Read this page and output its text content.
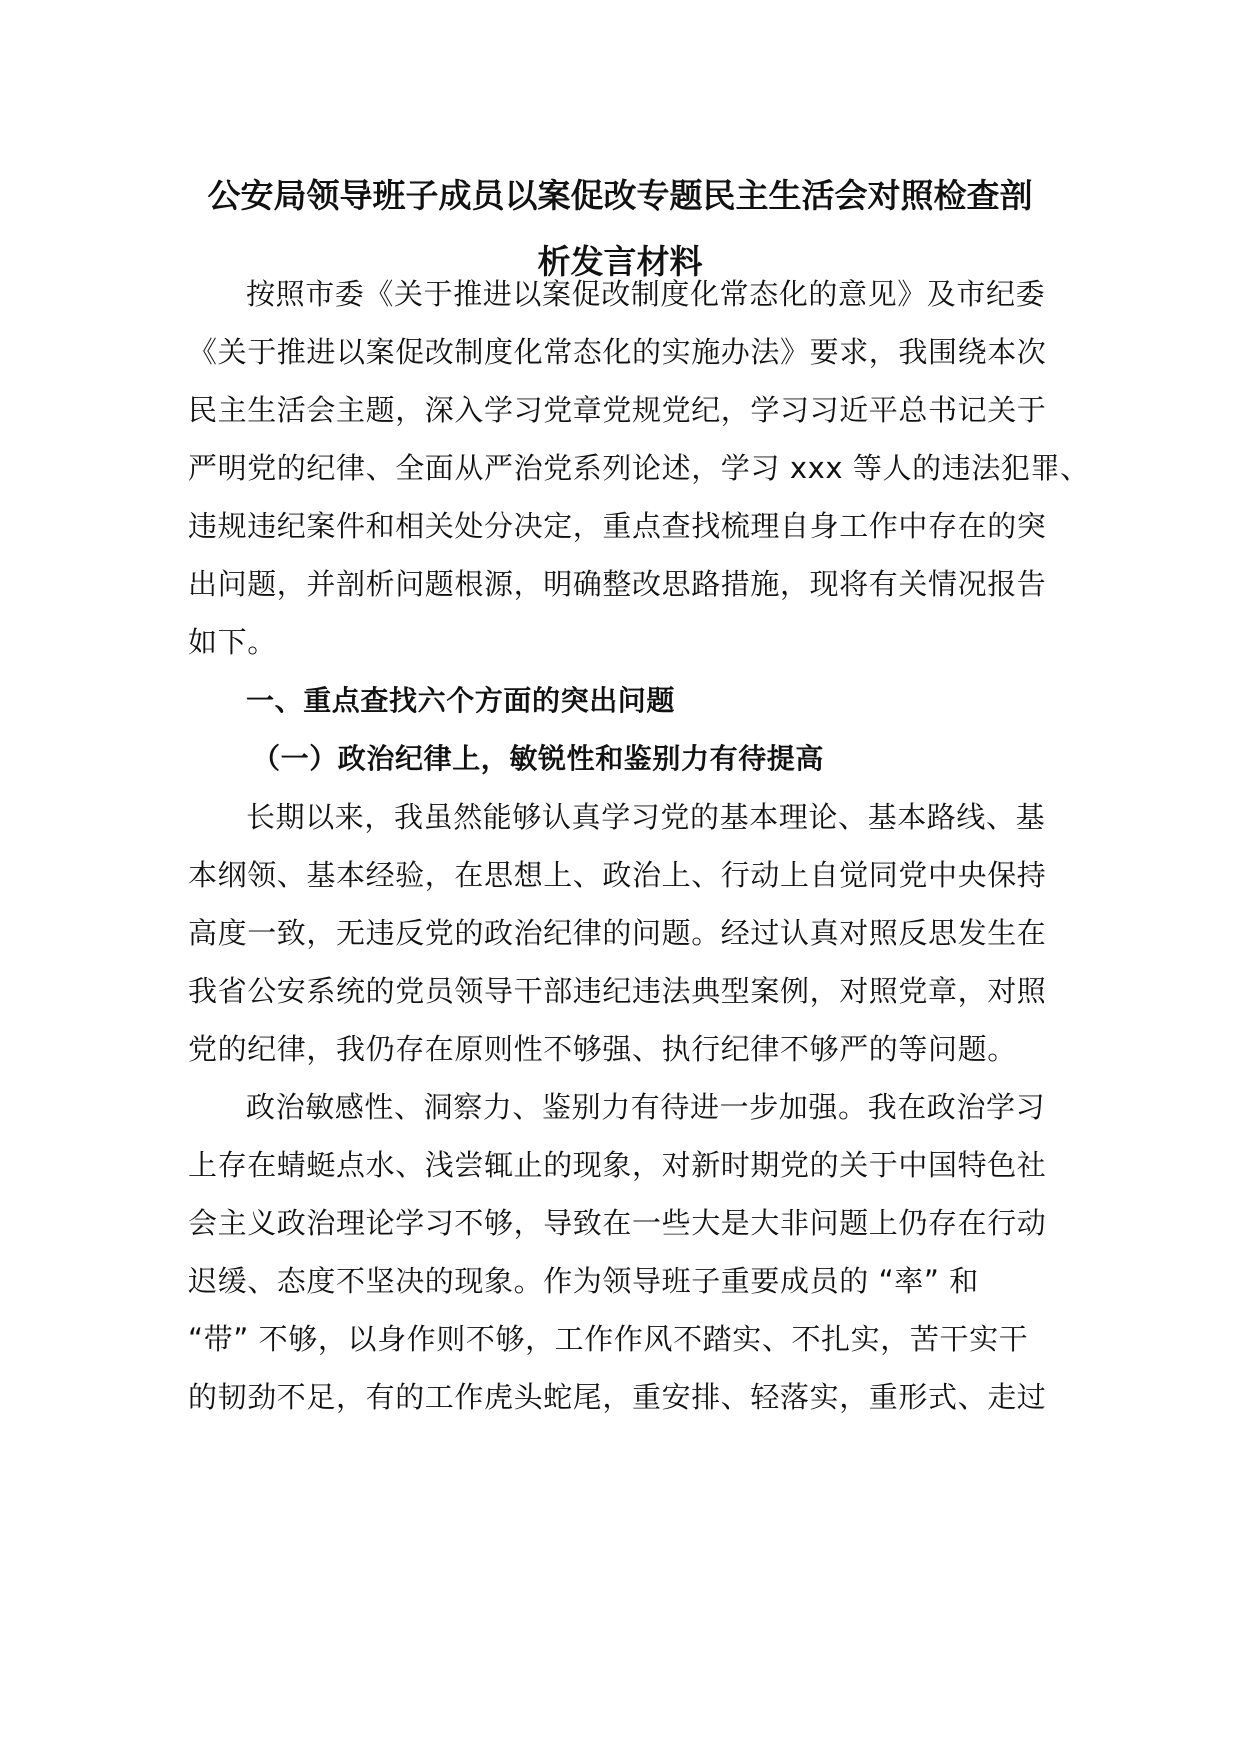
公安局领导班子成员以案促改专题民主生活会对照检查剖
析发言材料
按照市委《关于推进以案促改制度化常态化的意见》及市纪委
《关于推进以案促改制度化常态化的实施办法》要求，我围绕本次
民主生活会主题，深入学习党章党规党纪，学习习近平总书记关于
严明党的纪律、全面从严治党系列论述，学习 xxx 等人的违法犯罪、
违规违纪案件和相关处分决定，重点查找梳理自身工作中存在的突
出问题，并剖析问题根源，明确整改思路措施，现将有关情况报告
如下。
一、重点查找六个方面的突出问题
（一）政治纪律上，敏锐性和鉴别力有待提高
长期以来，我虽然能够认真学习党的基本理论、基本路线、基
本纲领、基本经验，在思想上、政治上、行动上自觉同党中央保持
高度一致，无违反党的政治纪律的问题。经过认真对照反思发生在
我省公安系统的党员领导干部违纪违法典型案例，对照党章，对照
党的纪律，我仍存在原则性不够强、执行纪律不够严的等问题。
政治敏感性、洞察力、鉴别力有待进一步加强。我在政治学习
上存在蜻蜓点水、浅尝辄止的现象，对新时期党的关于中国特色社
会主义政治理论学习不够，导致在一些大是大非问题上仍存在行动
迟缓、态度不坚决的现象。作为领导班子重要成员的 “率” 和
“带” 不够，以身作则不够，工作作风不踏实、不扎实，苦干实干
的韧劲不足，有的工作虎头蛇尾，重安排、轻落实，重形式、走过
